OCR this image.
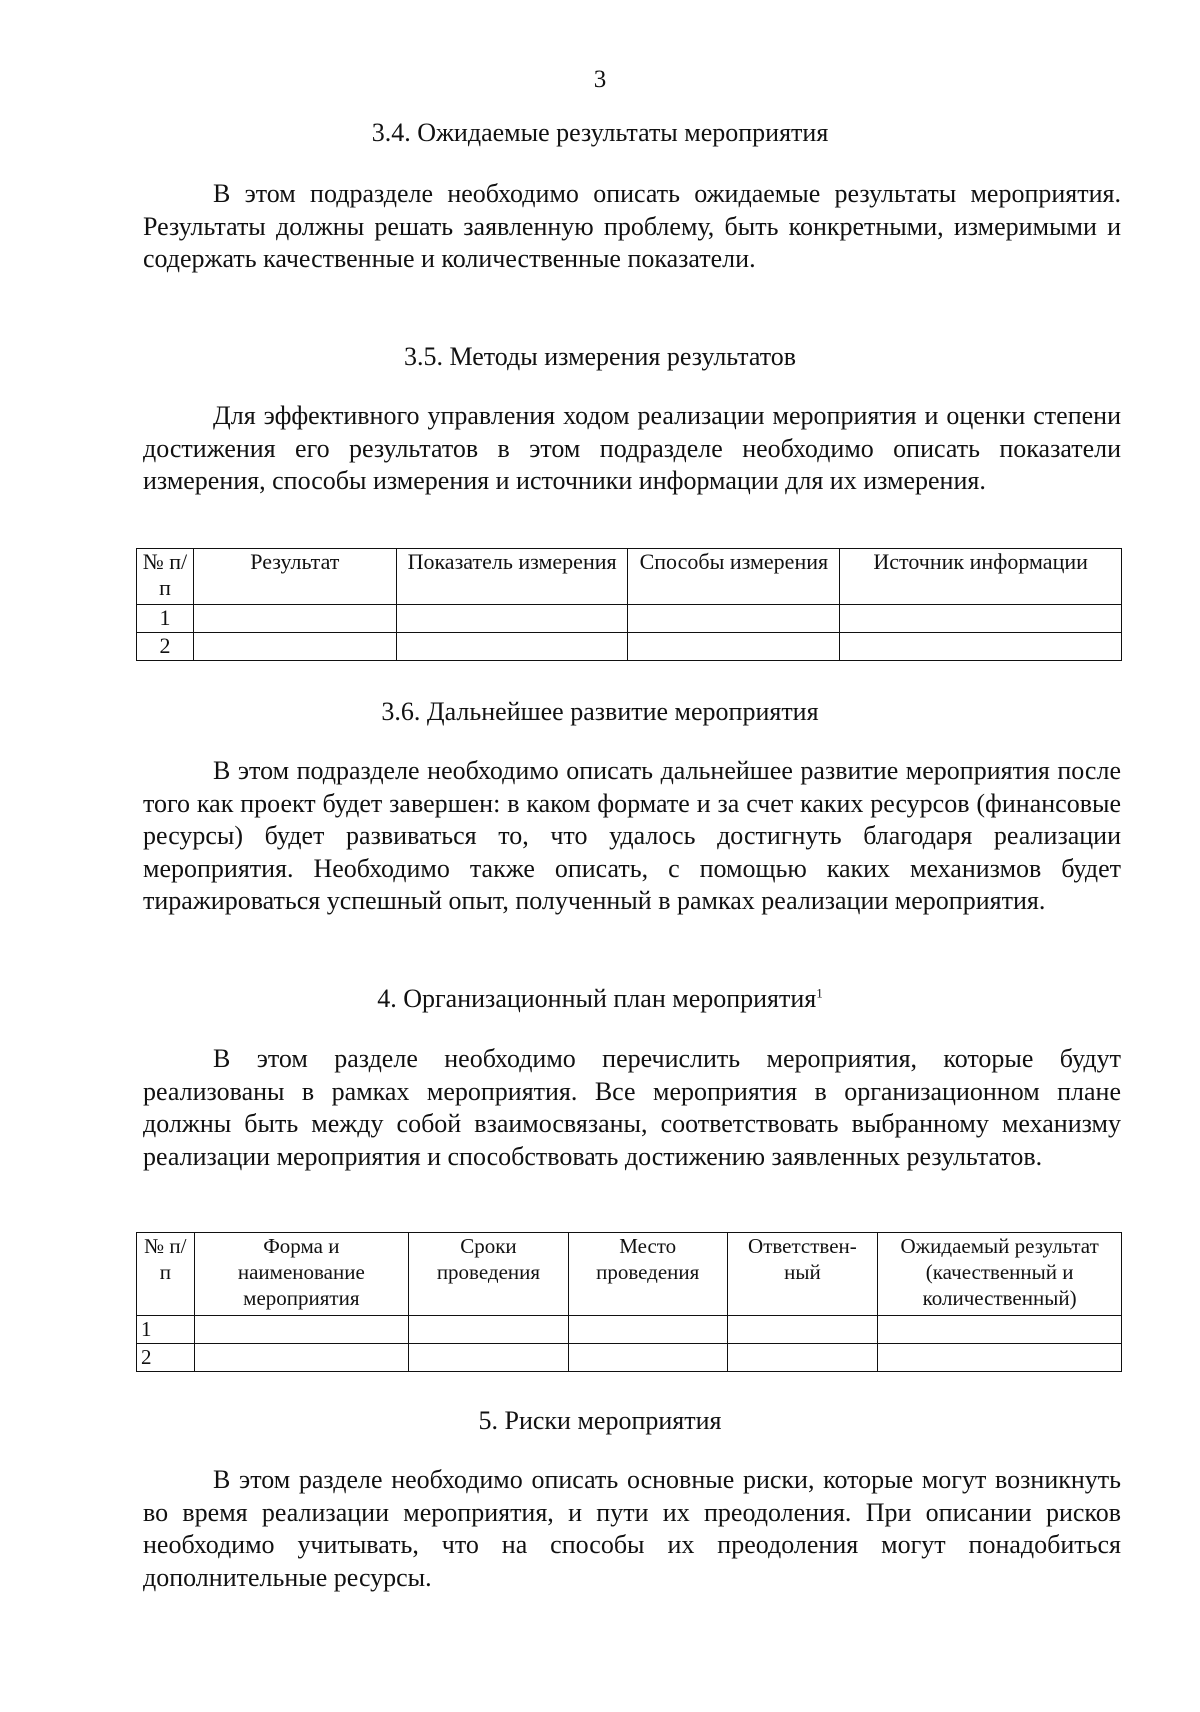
3
3.4. Ожидаемые результаты мероприятия

В этом подразделе необходимо описать ожидаемые результаты мероприятия. Результаты должны решать заявленную проблему, быть конкретными, измеримыми и содержать качественные и количественные показатели.

3.5. Методы измерения результатов

Для эффективного управления ходом реализации мероприятия и оценки степени достижения его результатов в этом подразделе необходимо описать показатели измерения, способы измерения и источники информации для их измерения.

№ п/п	Результат	Показатель измерения	Способы измерения	Источник информации
1				
2				
3.6. Дальнейшее развитие мероприятия

В этом подразделе необходимо описать дальнейшее развитие мероприятия после того как проект будет завершен: в каком формате и за счет каких ресурсов (финансовые ресурсы) будет развиваться то, что удалось достигнуть благодаря реализации мероприятия. Необходимо также описать, с помощью каких механизмов будет тиражироваться успешный опыт, полученный в рамках реализации мероприятия.

4. Организационный план мероприятия$^1$

В этом разделе необходимо перечислить мероприятия, которые будут реализованы в рамках мероприятия. Все мероприятия в организационном плане должны быть между собой взаимосвязаны, соответствовать выбранному механизму реализации мероприятия и способствовать достижению заявленных результатов.

№ п/п	Форма и наименование мероприятия	Сроки проведения	Место проведения	Ответствен-ный	Ожидаемый результат (качественный и количественный)
1					
2					
5. Риски мероприятия

В этом разделе необходимо описать основные риски, которые могут возникнуть во время реализации мероприятия, и пути их преодоления. При описании рисков необходимо учитывать, что на способы их преодоления могут понадобиться дополнительные ресурсы.
